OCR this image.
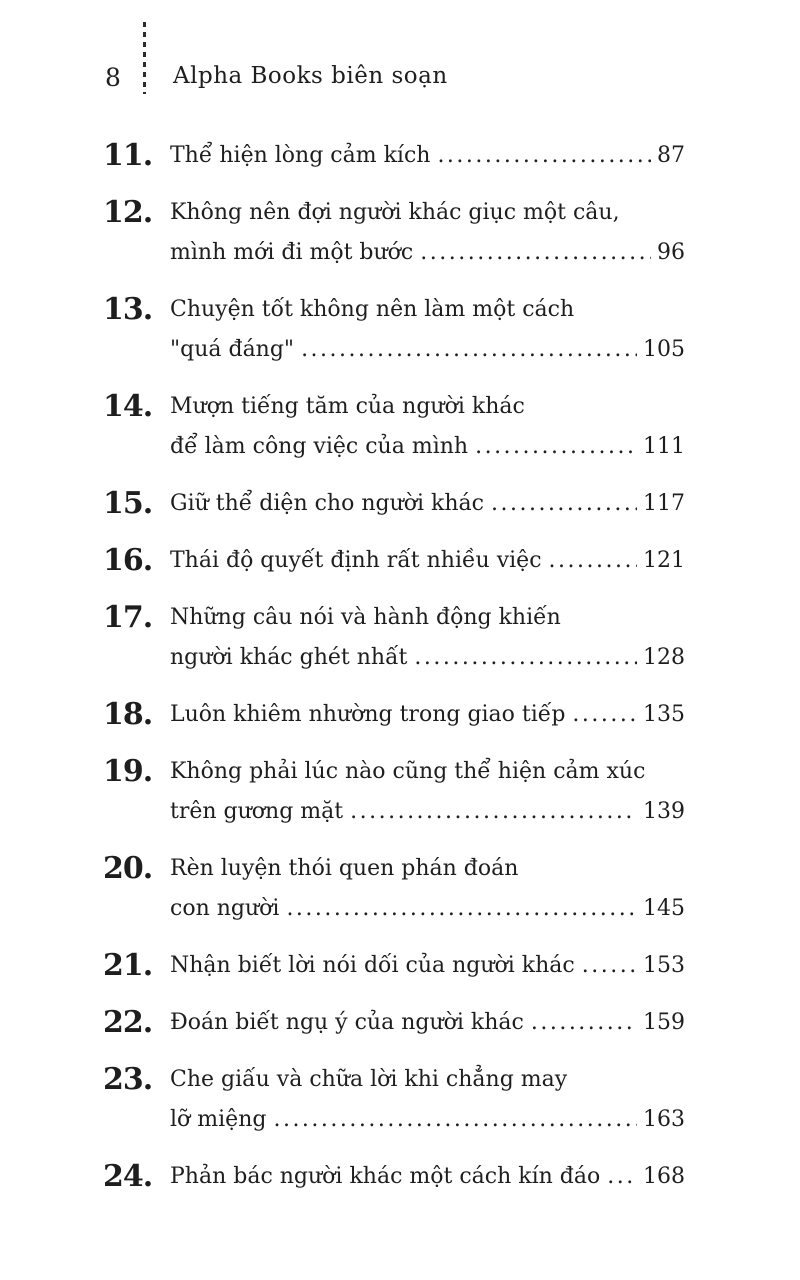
8	Alpha Books biên soạn
11. Thể hiện lòng cảm kích .....	87
12. Không nên đợi người khác giục một câu,
mình mới đi một bước .....	96
13. Chuyện tốt không nên làm một cách
"quá đáng" .....	105
14. Mượn tiếng tăm của người khác
để làm công việc của mình .....	111
15. Giữ thể diện cho người khác .....	117
16. Thái độ quyết định rất nhiều việc .....	121
17. Những câu nói và hành động khiến
người khác ghét nhất .....	128
18. Luôn khiêm nhường trong giao tiếp .....	135
19. Không phải lúc nào cũng thể hiện cảm xúc
trên gương mặt .....	139
20. Rèn luyện thói quen phán đoán
con người .....	145
21. Nhận biết lời nói dối của người khác .....	153
22. Đoán biết ngụ ý của người khác .....	159
23. Che giấu và chữa lời khi chẳng may
lỡ miệng .....	163
24. Phản bác người khác một cách kín đáo ..... 168
